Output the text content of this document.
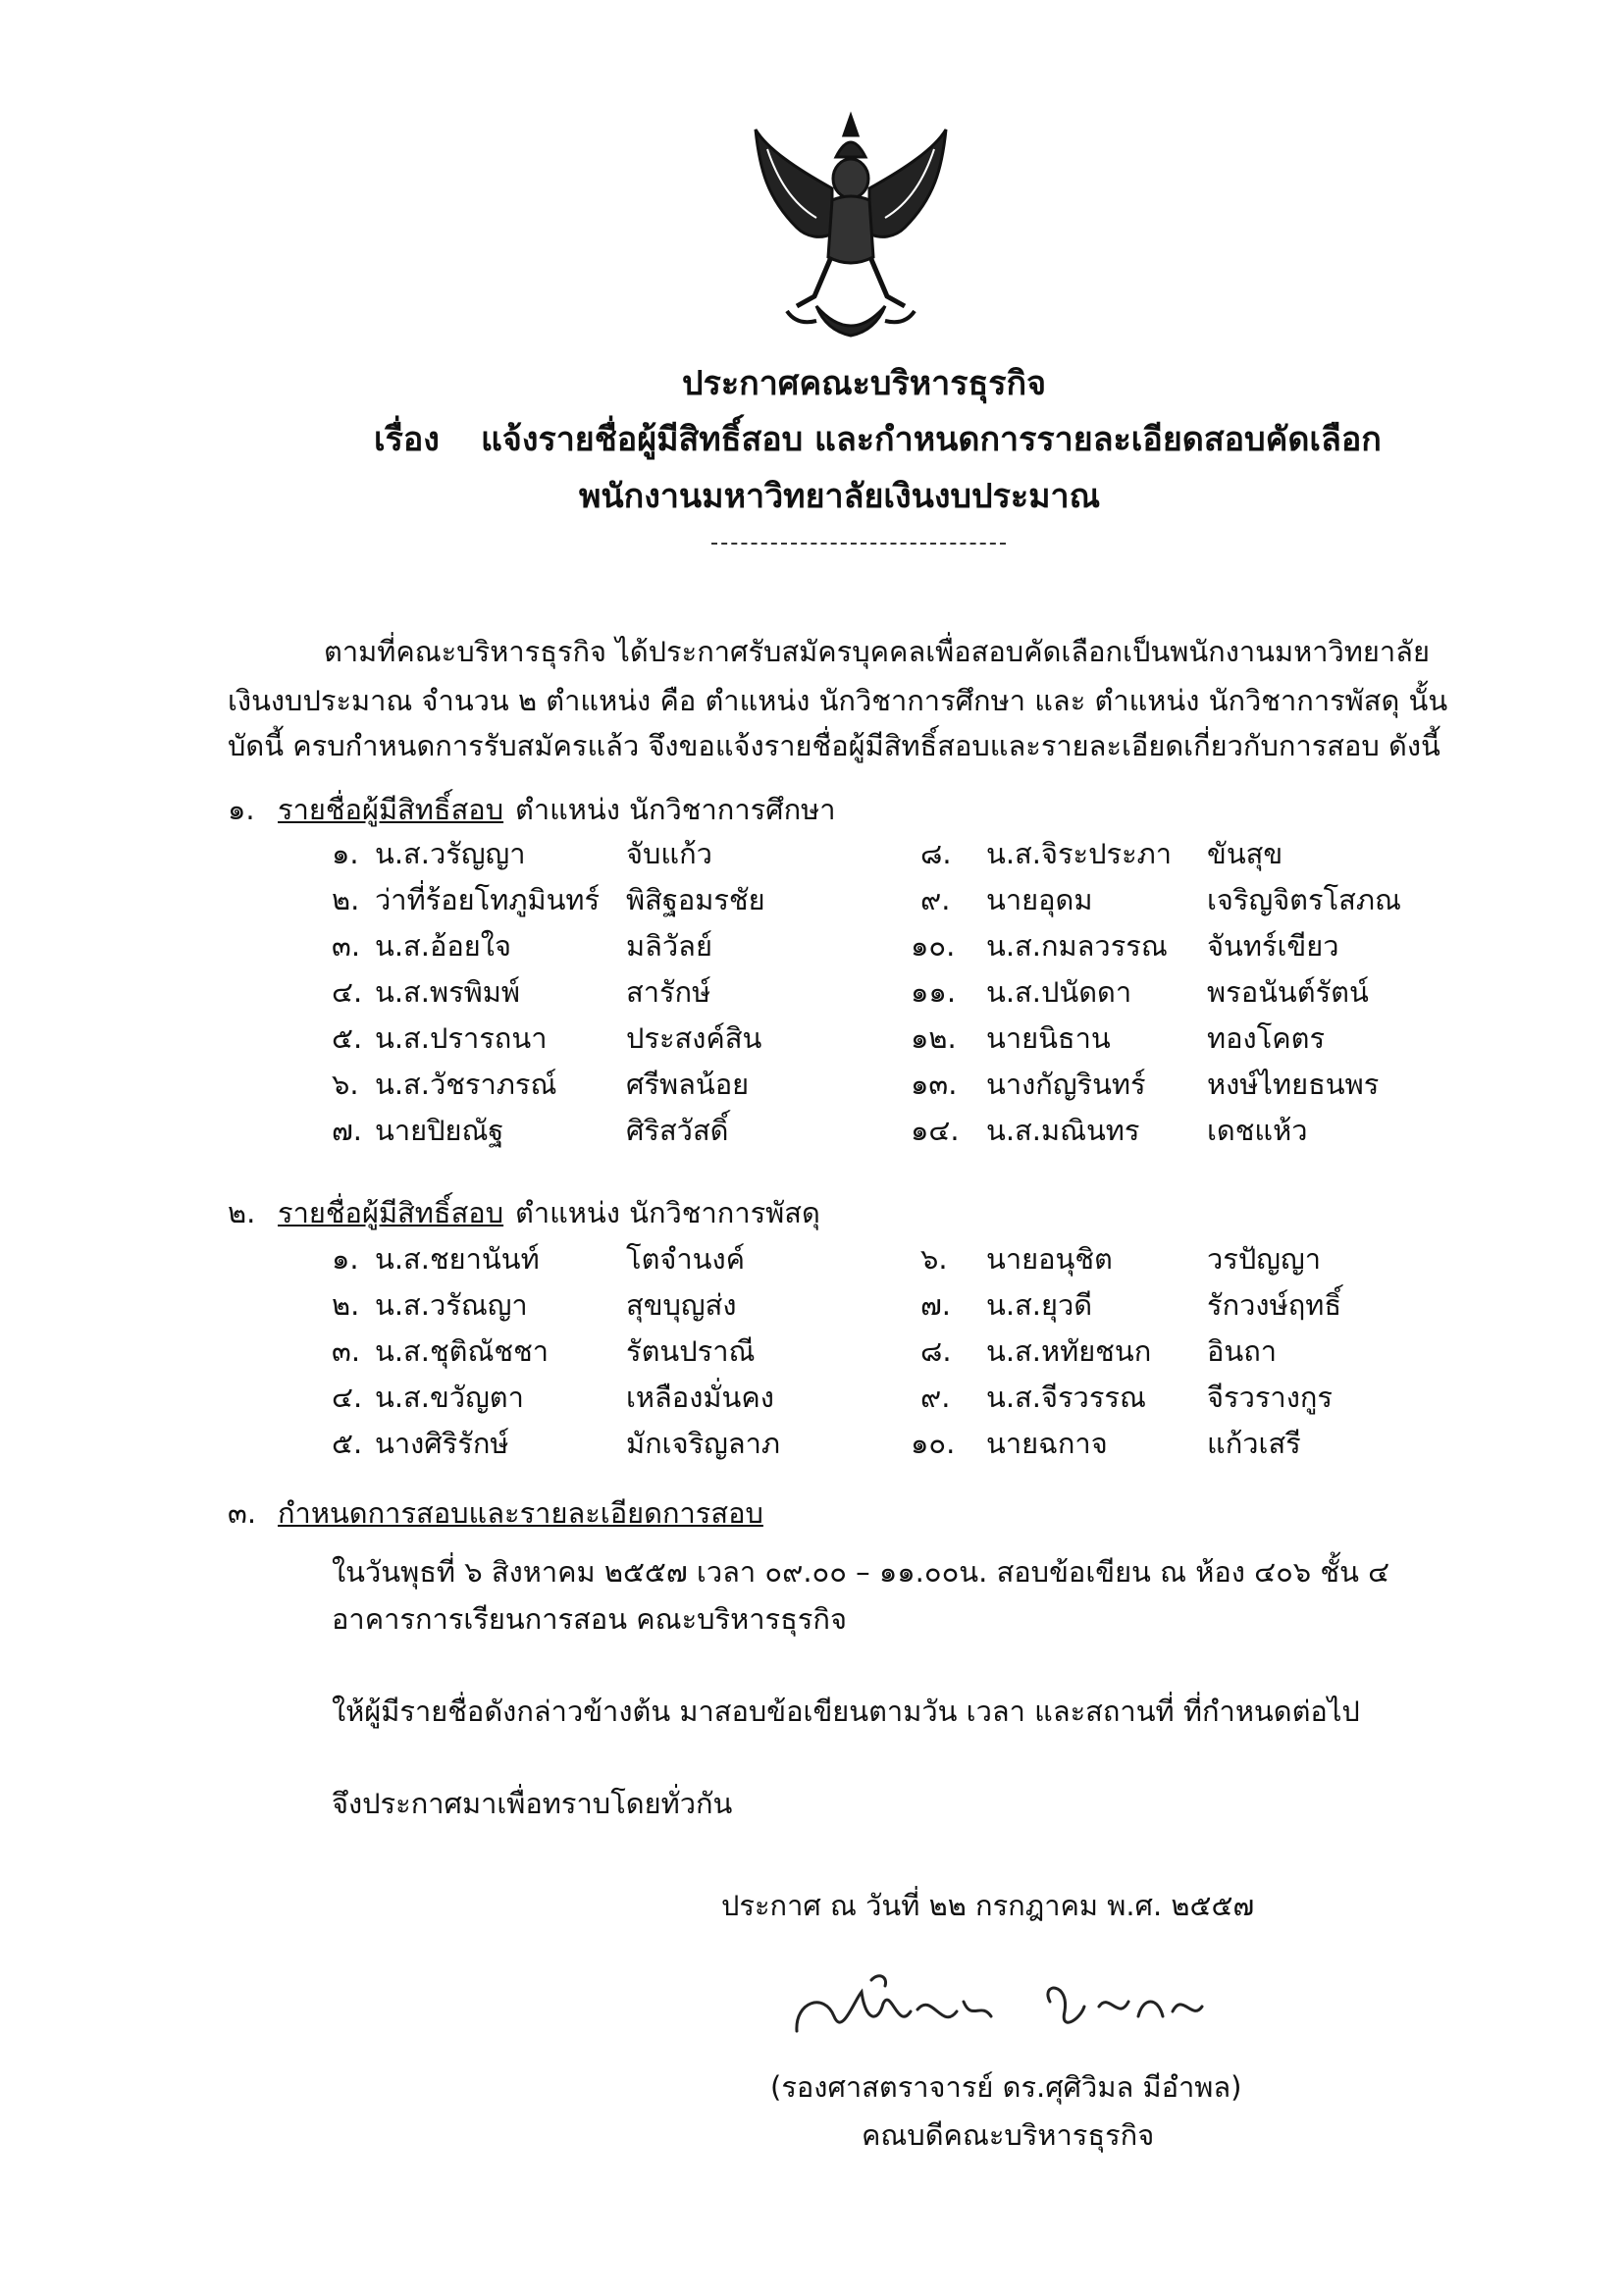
ประกาศคณะบริหารธุรกิจ
เรื่อง แจ้งรายชื่อผู้มีสิทธิ์สอบ และกำหนดการรายละเอียดสอบคัดเลือก
พนักงานมหาวิทยาลัยเงินงบประมาณ
ตามที่คณะบริหารธุรกิจ ได้ประกาศรับสมัครบุคคลเพื่อสอบคัดเลือกเป็นพนักงานมหาวิทยาลัย
เงินงบประมาณ จำนวน ๒ ตำแหน่ง คือ ตำแหน่ง นักวิชาการศึกษา และ ตำแหน่ง นักวิชาการพัสดุ นั้น
บัดนี้ ครบกำหนดการรับสมัครแล้ว จึงขอแจ้งรายชื่อผู้มีสิทธิ์สอบและรายละเอียดเกี่ยวกับการสอบ ดังนี้
๑. รายชื่อผู้มีสิทธิ์สอบ ตำแหน่ง นักวิชาการศึกษา
๑. น.ส.วรัญญา	จับแก้ว
๒. ว่าที่ร้อยโทภูมินทร์ พิสิฐอมรชัย
๓. น.ส.อ้อยใจ	มลิวัลย์
๔. น.ส.พรพิมพ์	สารักษ์
๕. น.ส.ปรารถนา	ประสงค์สิน
๖. น.ส.วัชราภรณ์ ศรีพลน้อย
๗. นายปิยณัฐ	ศิริสวัสดิ์
๘. น.ส.จิระประภา ขันสุข
๙. นายอุดม	เจริญจิตรโสภณ
๑๐. น.ส.กมลวรรณ จันทร์เขียว
๑๑. น.ส.ปนัดดา	พรอนันต์รัตน์
๑๒. นายนิธาน	ทองโคตร
๑๓. นางกัญรินทร์ หงษ์ไทยธนพร
๑๔. น.ส.มณินทร เดชแห้ว
๒. รายชื่อผู้มีสิทธิ์สอบ ตำแหน่ง นักวิชาการพัสดุ
๑. น.ส.ชยานันท์	โตจำนงค์
๒. น.ส.วรัณญา	สุขบุญส่ง
๓. น.ส.ชุติณัชชา	รัตนปราณี
๔. น.ส.ขวัญตา	เหลืองมั่นคง
๕. นางศิริรักษ์	มักเจริญลาภ
๖. นายอนุชิต	วรปัญญา
๗. น.ส.ยุวดี	รักวงษ์ฤทธิ์
๘. น.ส.หทัยชนก อินถา
๙. น.ส.จีรวรรณ จีรวรางกูร
๑๐. นายฉกาจ	แก้วเสรี
๓. กำหนดการสอบและรายละเอียดการสอบ
ในวันพุธที่ ๖ สิงหาคม ๒๕๕๗ เวลา ๐๙.๐๐ – ๑๑.๐๐น. สอบข้อเขียน ณ ห้อง ๔๐๖ ชั้น ๔
อาคารการเรียนการสอน คณะบริหารธุรกิจ
ให้ผู้มีรายชื่อดังกล่าวข้างต้น มาสอบข้อเขียนตามวัน เวลา และสถานที่ ที่กำหนดต่อไป
จึงประกาศมาเพื่อทราบโดยทั่วกัน
ประกาศ ณ วันที่ ๒๒ กรกฎาคม พ.ศ. ๒๕๕๗
(รองศาสตราจารย์ ดร.ศุศิวิมล มีอำพล)
คณบดีคณะบริหารธุรกิจ
